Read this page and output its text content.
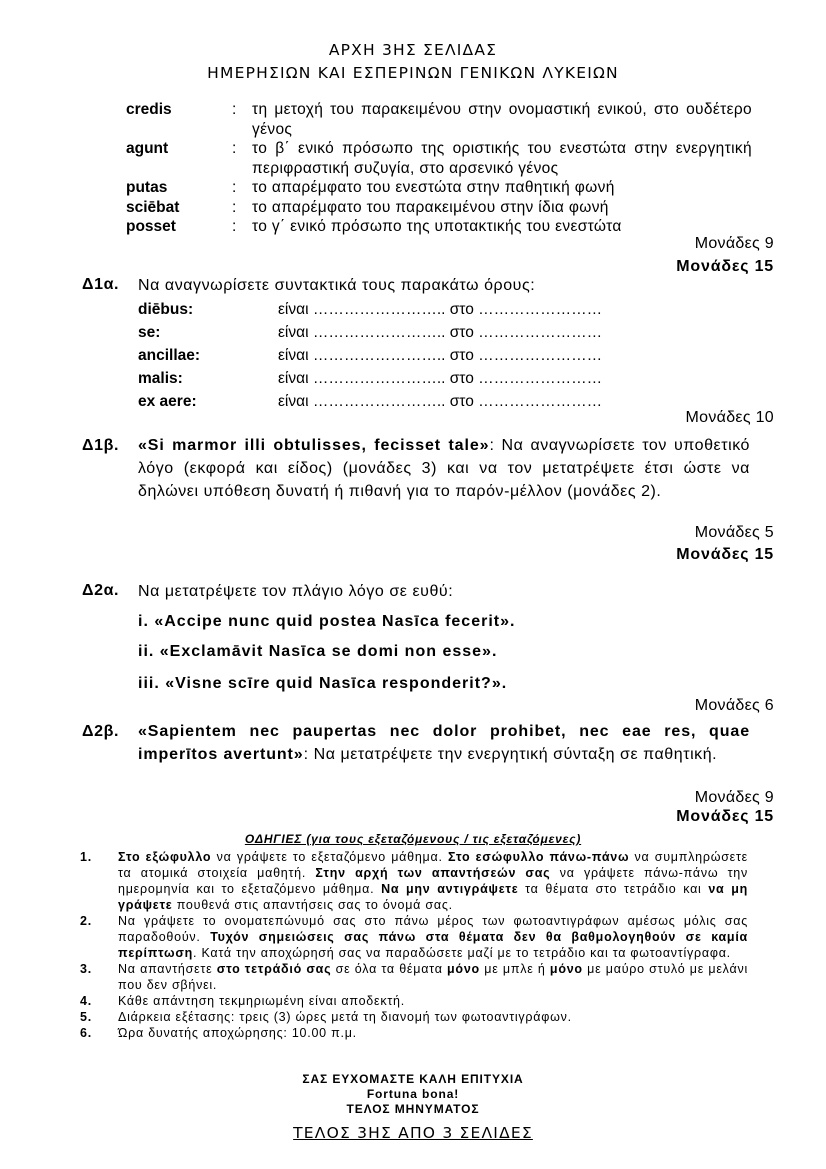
ΑΡΧΗ 3ΗΣ ΣΕΛΙΔΑΣ
ΗΜΕΡΗΣΙΩΝ ΚΑΙ ΕΣΠΕΡΙΝΩΝ ΓΕΝΙΚΩΝ ΛΥΚΕΙΩΝ
credis	:	τη μετοχή του παρακειμένου στην ονομαστική ενικού, στο ουδέτερο γένος
agunt	:	το β΄ ενικό πρόσωπο της οριστικής του ενεστώτα στην ενεργητική περιφραστική συζυγία, στο αρσενικό γένος
putas	:	το απαρέμφατο του ενεστώτα στην παθητική φωνή
sciēbat	:	το απαρέμφατο του παρακειμένου στην ίδια φωνή
posset	:	το γ΄ ενικό πρόσωπο της υποτακτικής του ενεστώτα
Μονάδες 9
Μονάδες 15
Δ1α. Να αναγνωρίσετε συντακτικά τους παρακάτω όρους:
diēbus:	είναι …………………….. στο ……………………
se:	είναι …………………….. στο ……………………
ancillae:	είναι …………………….. στο ……………………
malis:	είναι …………………….. στο ……………………
ex aere:	είναι …………………….. στο ……………………
Μονάδες 10
Δ1β. «Si marmor illi obtulisses, fecisset tale»: Να αναγνωρίσετε τον υποθετικό λόγο (εκφορά και είδος) (μονάδες 3) και να τον μετατρέψετε έτσι ώστε να δηλώνει υπόθεση δυνατή ή πιθανή για το παρόν-μέλλον (μονάδες 2).
Μονάδες 5
Μονάδες 15
Δ2α. Να μετατρέψετε τον πλάγιο λόγο σε ευθύ:
i. «Accipe nunc quid postea Nasīca fecerit».
ii. «Exclamāvit Nasīca se domi non esse».
iii. «Visne scīre quid Nasīca responderit?».
Μονάδες 6
Δ2β. «Sapientem nec paupertas nec dolor prohibet, nec eae res, quae imperītos avertunt»: Να μετατρέψετε την ενεργητική σύνταξη σε παθητική.
Μονάδες 9
Μονάδες 15
ΟΔΗΓΙΕΣ (για τους εξεταζόμενους / τις εξεταζόμενες)
1.	Στο εξώφυλλο να γράψετε το εξεταζόμενο μάθημα. Στο εσώφυλλο πάνω-πάνω να συμπληρώσετε τα ατομικά στοιχεία μαθητή. Στην αρχή των απαντήσεών σας να γράψετε πάνω-πάνω την ημερομηνία και το εξεταζόμενο μάθημα. Να μην αντιγράψετε τα θέματα στο τετράδιο και να μη γράψετε πουθενά στις απαντήσεις σας το όνομά σας.
2.	Να γράψετε το ονοματεπώνυμό σας στο πάνω μέρος των φωτοαντιγράφων αμέσως μόλις σας παραδοθούν. Τυχόν σημειώσεις σας πάνω στα θέματα δεν θα βαθμολογηθούν σε καμία περίπτωση. Κατά την αποχώρησή σας να παραδώσετε μαζί με το τετράδιο και τα φωτοαντίγραφα.
3.	Να απαντήσετε στο τετράδιό σας σε όλα τα θέματα μόνο με μπλε ή μόνο με μαύρο στυλό με μελάνι που δεν σβήνει.
4.	Κάθε απάντηση τεκμηριωμένη είναι αποδεκτή.
5.	Διάρκεια εξέτασης: τρεις (3) ώρες μετά τη διανομή των φωτοαντιγράφων.
6.	Ώρα δυνατής αποχώρησης: 10.00 π.μ.
ΣΑΣ ΕΥΧΟΜΑΣΤΕ ΚΑΛΗ ΕΠΙΤΥΧΙΑ
Fortuna bona!
ΤΕΛΟΣ ΜΗΝΥΜΑΤΟΣ
ΤΕΛΟΣ 3ΗΣ ΑΠΟ 3 ΣΕΛΙΔΕΣ
